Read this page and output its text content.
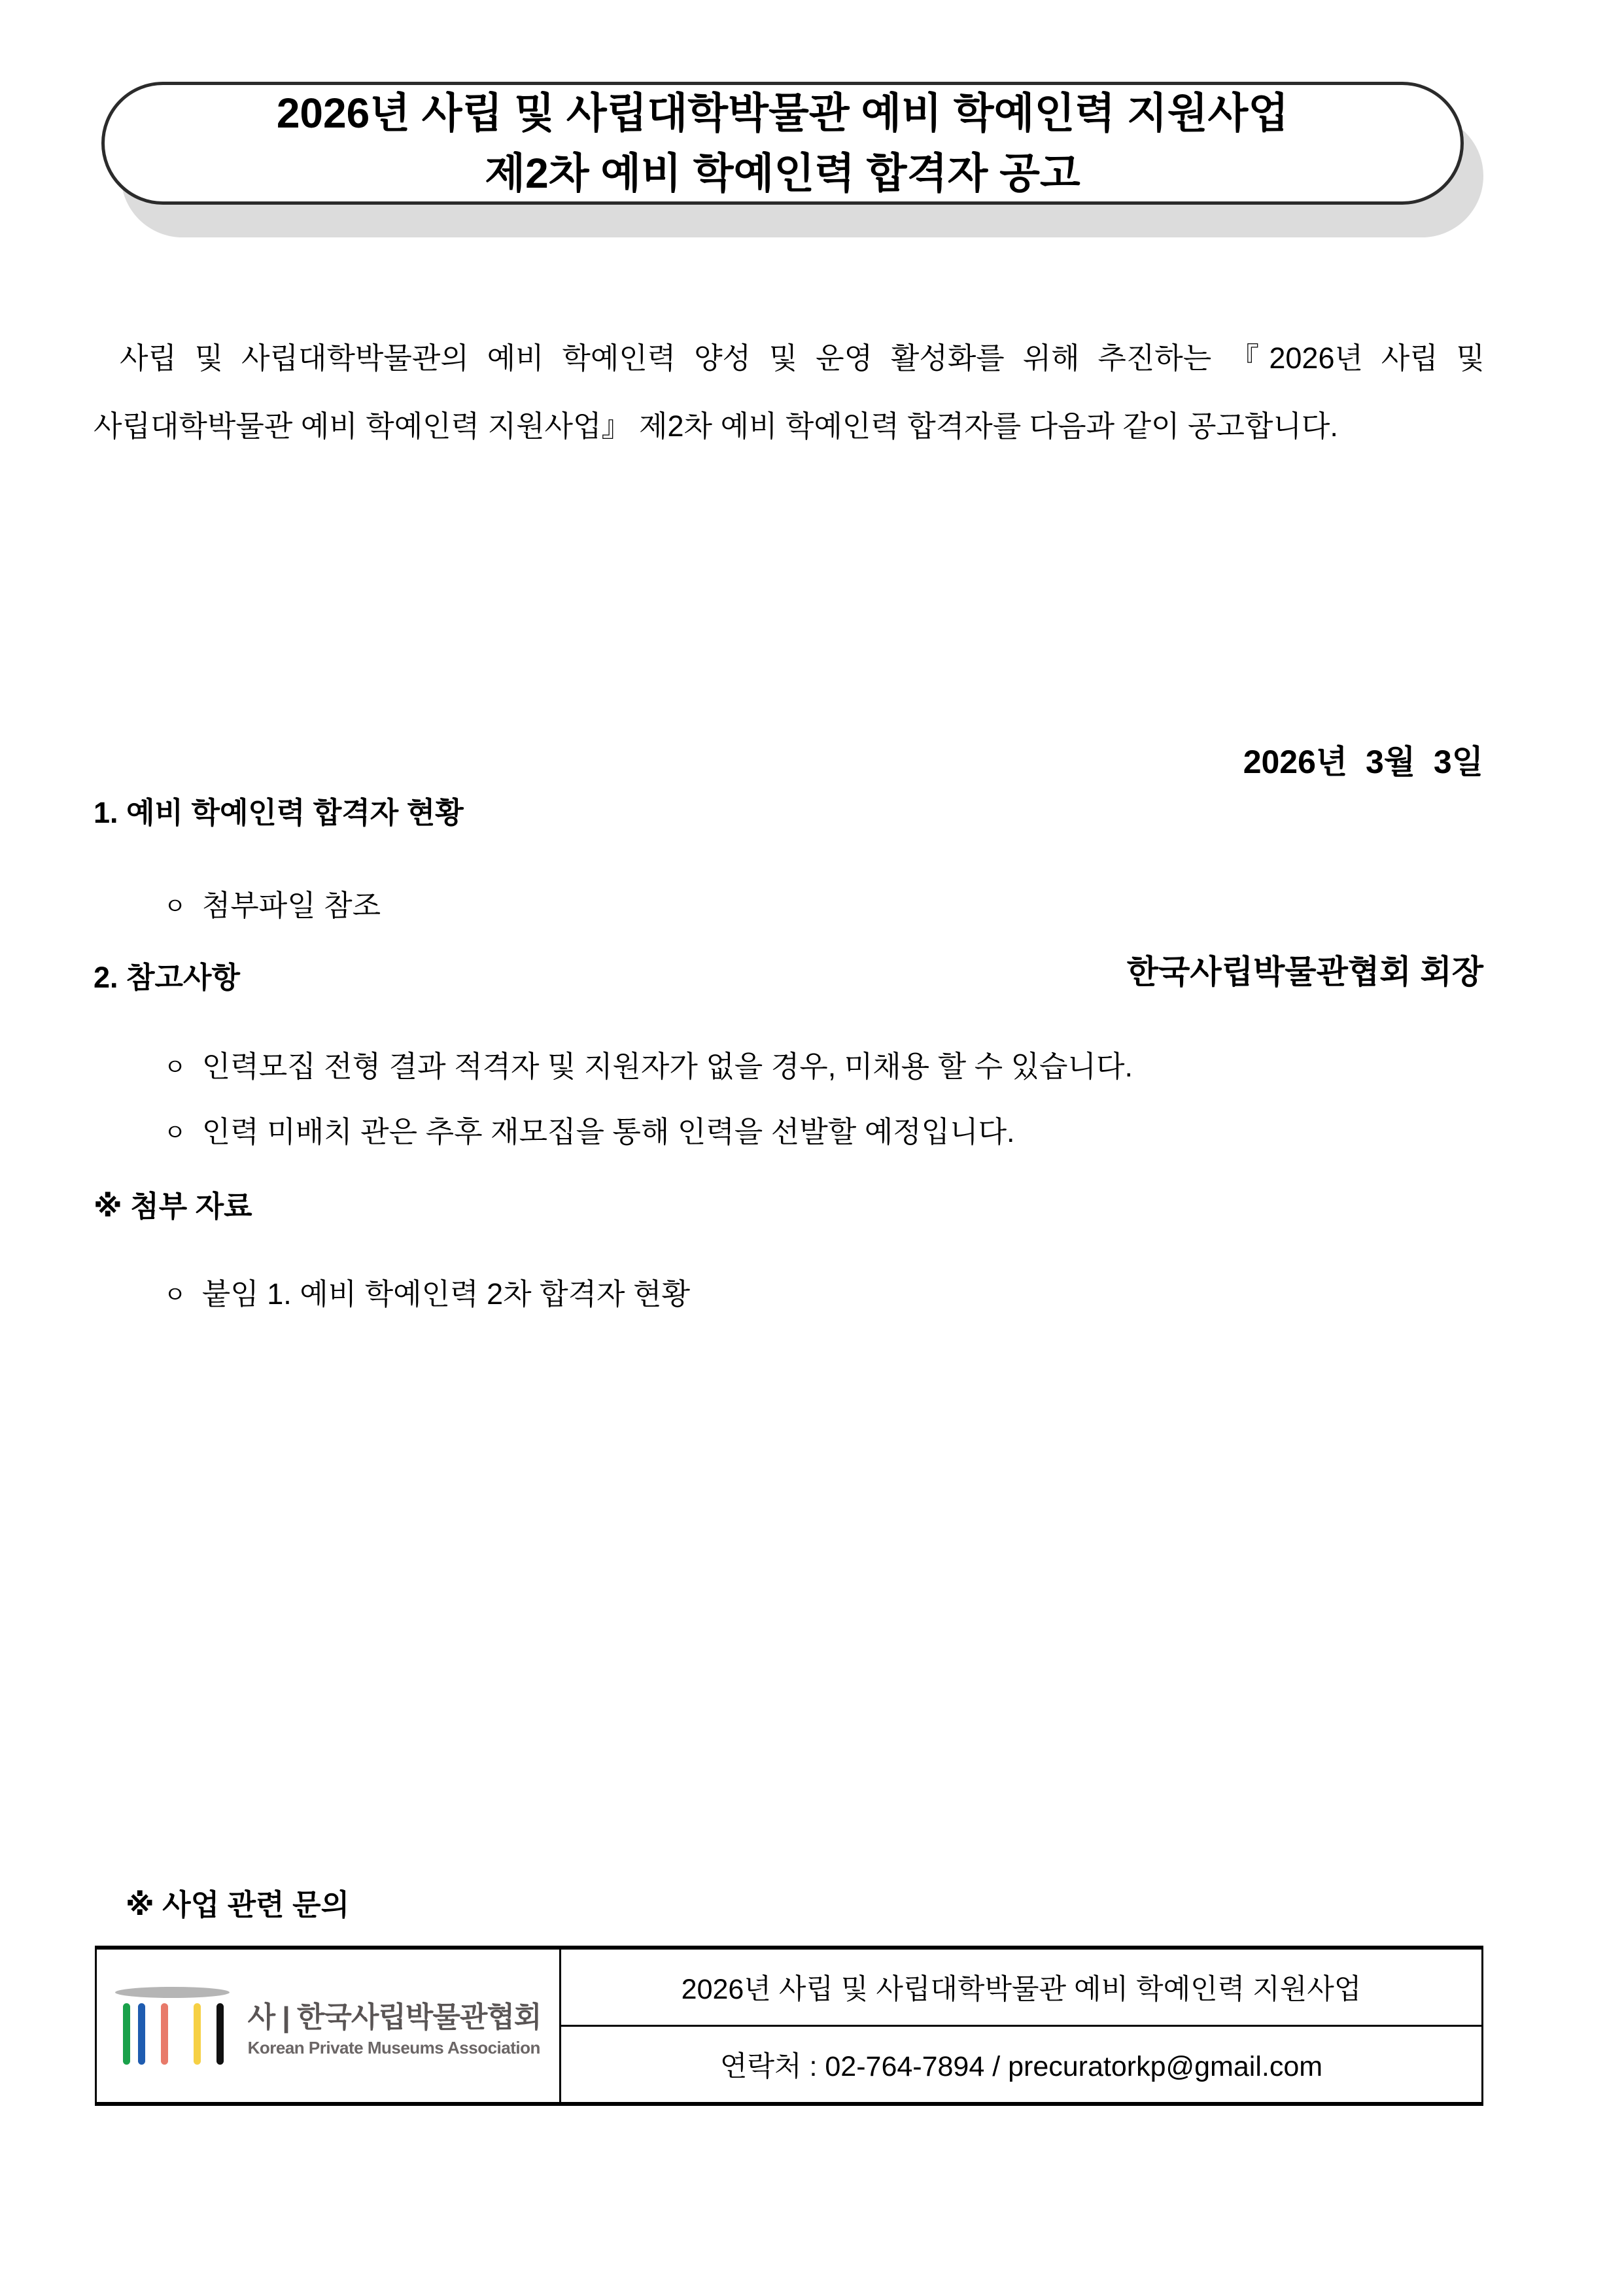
2026년 사립 및 사립대학박물관 예비 학예인력 지원사업
제2차 예비 학예인력 합격자 공고

사립 및 사립대학박물관의 예비 학예인력 양성 및 운영 활성화를 위해 추진하는 『2026년 사립 및 사립대학박물관 예비 학예인력 지원사업』 제2차 예비 학예인력 합격자를 다음과 같이 공고합니다.

2026년  3월  3일

한국사립박물관협회 회장

1. 예비 학예인력 합격자 현황

ㅇ 첨부파일 참조

2. 참고사항

ㅇ 인력모집 전형 결과 적격자 및 지원자가 없을 경우, 미채용 할 수 있습니다.

ㅇ 인력 미배치 관은 추후 재모집을 통해 인력을 선발할 예정입니다.

※ 첨부 자료

ㅇ 붙임 1. 예비 학예인력 2차 합격자 현황

※ 사업 관련 문의
사 | 한국사립박물관협회
Korean Private Museums Association
2026년 사립 및 사립대학박물관 예비 학예인력 지원사업
연락처 : 02-764-7894 / precuratorkp@gmail.com
